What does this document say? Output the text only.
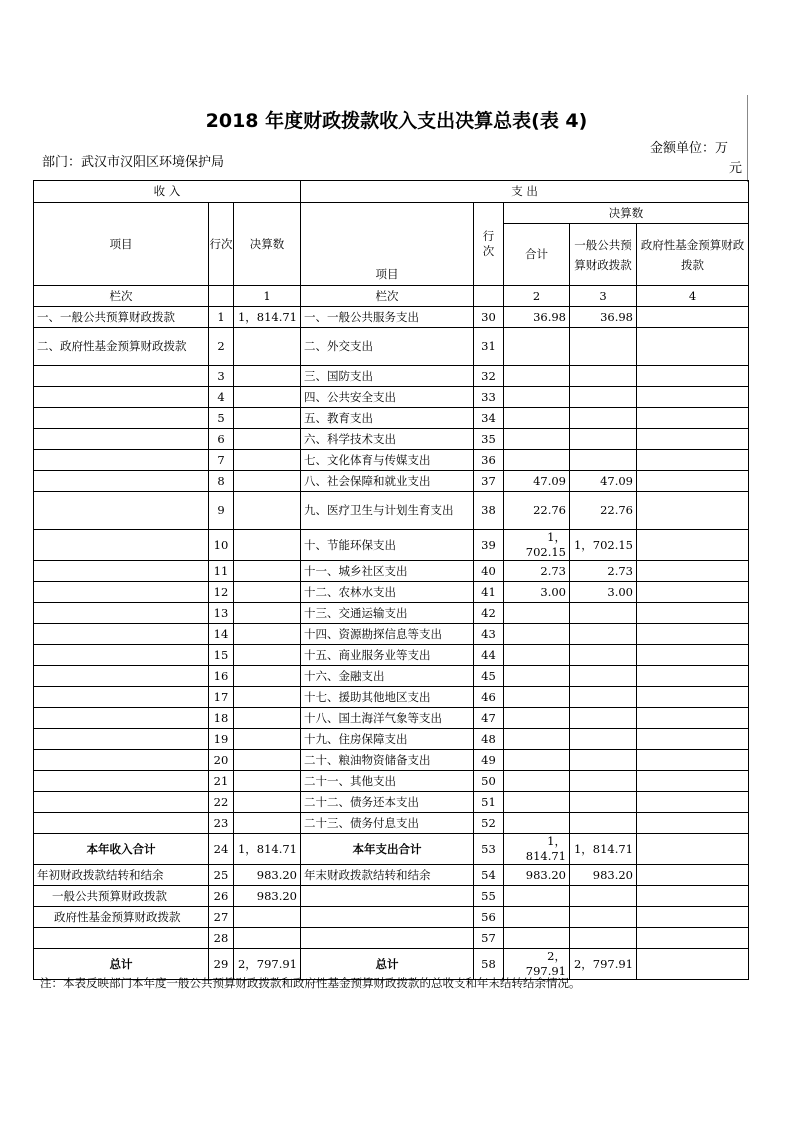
2018 年度财政拨款收入支出决算总表(表 4)
部门：武汉市汉阳区环境保护局
金额单位：万
元
收 入			支 出				
项目	行次	决算数	项目	行次	决算数		
					合计	一般公共预算财政拨款	政府性基金预算财政拨款
栏次		1	栏次		2	3	4
一、一般公共预算财政拨款	1	1，814.71	一、一般公共服务支出	30	36.98	36.98	
二、政府性基金预算财政拨款	2		二、外交支出	31			
	3		三、国防支出	32			
	4		四、公共安全支出	33			
	5		五、教育支出	34			
	6		六、科学技术支出	35			
	7		七、文化体育与传媒支出	36			
	8		八、社会保障和就业支出	37	47.09	47.09	
	9		九、医疗卫生与计划生育支出	38	22.76	22.76	
	10		十、节能环保支出	39	1，702.15	1，702.15	
	11		十一、城乡社区支出	40	2.73	2.73	
	12		十二、农林水支出	41	3.00	3.00	
	13		十三、交通运输支出	42			
	14		十四、资源勘探信息等支出	43			
	15		十五、商业服务业等支出	44			
	16		十六、金融支出	45			
	17		十七、援助其他地区支出	46			
	18		十八、国土海洋气象等支出	47			
	19		十九、住房保障支出	48			
	20		二十、粮油物资储备支出	49			
	21		二十一、其他支出	50			
	22		二十二、债务还本支出	51			
	23		二十三、债务付息支出	52			
本年收入合计	24	1，814.71	本年支出合计	53	1，814.71	1，814.71	
年初财政拨款结转和结余	25	983.20	年末财政拨款结转和结余	54	983.20	983.20	
一般公共预算财政拨款	26	983.20		55			
政府性基金预算财政拨款	27			56			
	28			57			
总计	29	2，797.91	总计	58	2，797.91	2，797.91	
注：本表反映部门本年度一般公共预算财政拨款和政府性基金预算财政拨款的总收支和年末结转结余情况。
